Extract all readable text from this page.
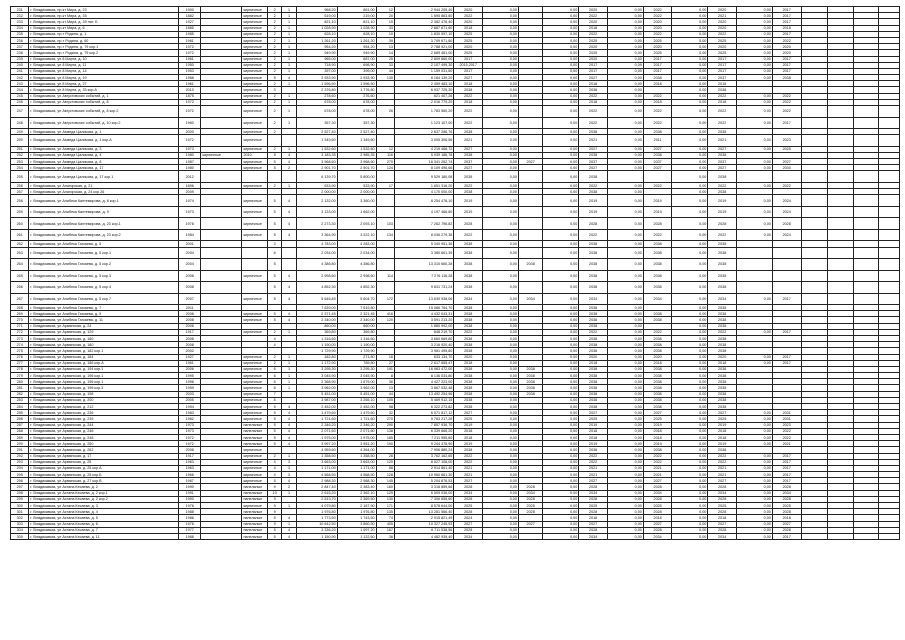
231	г. Владикавказ, пр-кт Мира, д. 23	1900		кирпичные	2	1	968,20	861,00	12	2 944 205,40	2020	0,00		0,00	2020	0,00	2022	0,00	2020	0,00	2017				
232	г. Владикавказ, пр-кт Мира, д. 35	1882		кирпичные	2	1	519,00	219,00	20	1 695 863,60	2022	0,00		0,00	2022	0,00	2022	0,00	2021	0,00	2017				
233	г. Владикавказ, пр-кт Мира, д. 39 лит. Б	1927		кирпичные	2	1	821,10	821,10	15	2 382 476,40	2020	0,00		0,00	2020	0,00	2020	0,00	2020	0,00	2017				
234	г. Владикавказ, пр-кт Мира, д. 6	1885		кирпичные	2	1	1 028,90	1 028,90	33	2 887 671,60	2018	0,00		0,00	2018	0,00	2020	0,00	2020	0,00	2018				
235	г. Владикавказ, пр-т Родина, д. 1	1985		кирпичные	2	1	628,10	628,10	10	1 830 597,10	2025	0,00		0,00	2022	0,00	2022	0,00	2022	0,00	2017				
236	г. Владикавказ, пр-т Родина, д. 60	1961		кирпичные	2	1	1 261,20	1 261,20	39	3 709 671,80	2025	0,00		0,00	2025	0,00	2025	0,00	2025	0,00	2022				
237	г. Владикавказ, пр-т Родина, д. 79 кор.1	1972		кирпичные	2	1	954,20	954,20	13	2 788 921,00	2020	0,00		0,00	2020	0,00	2020	0,00	2020	0,00	2020				
238	г. Владикавказ, пр-т Родина, д. 79 кор.2	1972		кирпичные	2	1	949,90	949,90	14	2 689 481,00	2025	0,00		0,00	2025	0,00	2025	0,00	2025	0,00	2020				
239	г. Владикавказ, ул 8 Марта, д. 10	1961		кирпичные	2	1	965,00	687,00	25	2 809 660,00	2017	0,00		0,00	2020	0,00	2017	0,00	2017	0,00	2017				
240	г. Владикавказ, ул 8 Марта, д. 11	1950		кирпичные	2	1	718,90	698,90	33	2 107 499,30	2015,2017	0,00		0,00	2017	0,09	2017	0,00	2017	0,00	2017				
241	г. Владикавказ, ул 8 Марта, д. 14	1953		кирпичные	2	1	397,00	399,00	44	1 159 031,60	2017	0,00		0,00	2017	0,00	2017	0,00	2017	0,00	2017				
242	г. Владикавказ, ул 8 Марта, д. 19	1988		кирпичные	5	4	2 933,90	2 933,90	130	6 184 139,20	2027	0,00		0,00	2027	0,00	2038	0,00	2037	0,00	2038				
243	г. Владикавказ, ул 8 Марта, д. 27	1961		кирпичные	2	1	1 596,50	1 596,50		2 459 483,10	2018	0,00		0,00	2018	0,00	2018	0,00	2018						
244	г. Владикавказ, ул 8 Марта, д. 33 кор.А	2010		кирпичные	3		2 376,80	1 776,80		6 937 725,30	2038	0,00		0,00	2038	0,00		0,00	2038						
245	г. Владикавказ, ул Августовских событий, д. 1	1875		кирпичные	2	1	278,60	276,60		621 407,26	2022	0,00		0,00	2022	0,00	2022	0,00	2022	0,00	2022				
246	г. Владикавказ, ул Августовских событий, д. 8	1972		кирпичные	2	1	678,00	678,00		2 016 779,20	2018	0,00		0,00	2018	0,00	2018	0,00	2018	0,00	2022				
247	г. Владикавказ, ул Августовских событий, д. 8 кор.2	1972		кирпичные	2	1	678,00	678,00	26	1 783 560,20	2022	0,00		0,00	2022	0,00	2022	0,00	2022	0,00	2022				
248	г. Владикавказ, ул Августовских событий, д. 10 кор.2	1960		кирпичные	2	1	357,30	357,30		1 123 107,00	2022	0,00		0,00	2022	0,00	2022	0,00	2022	0,00	2017				
249	г. Владикавказ, ул Ахмеда Цаликова, д. 1	2000		кирпичные	2		2 527,40	2 527,40		2 637 286,76	2038	0,00		0,00	2038	0,00	2038	0,00	2038						
250	г. Владикавказ, ул Ахмеда Цаликова, д. 1 кор.А	1972		кирпичные			1 349,60	1 349,60		3 905 306,56	2021	0,00		0,00	2021	0,00	2011	0,00	2021	0,00	2023				
251	г. Владикавказ, ул Ахмеда Цаликова, д. 3	1973		кирпичные	2	1	1 532,60	1 532,60	12	4 219 468,72	2027	0,00		0,00	2027	0,00	2027	0,00	2027	0,00	2025				
252	г. Владикавказ, ул Ахмеда Цаликова, д. 4	1980	кирпичные	2010	5	4	3 183,35	2 985,35	116	5 939 186,78	2038	0,00		0,00	2038	0,00	2038	0,00	2038						
253	г. Владикавказ, ул Ахмеда Цаликова, д. 8	1987		кирпичные	5	4	3 968,60	3 968,60	270	16 341 262,74	2037	0,00	2027	0,00	2037	0,00	2037	0,00	2037	0,00	2027				
254	г. Владикавказ, ул Ахмеда Цаликова, д. 17	1980		кирпичные	5	2	2 901,70	2 901,70	124	8 109 496,66	2027	0,00		0,00	2027	0,00	2027	0,00	2027	0,00	2030				
255	г. Владикавказ, ул Ахмеда Цаликова, д. 17 кор.1	2012					6 139,70	5 800,00		9 529 180,08	2038	0,00		0,00	2038			0,00	2038						
256	г. Владикавказ, ул Алагирская, д. 21	1896		кирпичные	2	1	533,90	533,90	17	1 651 316,20	2022	0,00		0,00	2022	0,00	2022	0,00	2022	0,00	2022				
257	г. Владикавказ, ул Алагирская, д. 24 кор.26	2009					2 000,00	2 000,00		4 170 000,00	2038	0,00		0,00	2038	0,00		0,00	2038						
258	г. Владикавказ, ул Алибека Кантемирова, д. 6 кор.1	1974		кирпичные	5	4	2 132,00	3 360,00		8 254 476,10	2019	0,00		0,00	2019	0,00	2019	0,00	2019	0,00	2024				
259	г. Владикавказ, ул Алибека Кантемирова, д. 9	1973		кирпичные	5	4	3 133,00	1 662,00		4 197 466,80	2019	0,00		0,00	2019	0,00	2019	0,00	2019	0,00	2024				
260	г. Владикавказ, ул Алибека Кантемирова, д. 23 кор.1	1978		кирпичные	5	4	2 273,30	2 093,10	103	7 262 796,82	2028	0,00		0,00	2028	0,00	2028	0,00	2028	0,00	2028				
261	г. Владикавказ, ул Алибека Кантемирова, д. 23 кор.2	1984		кирпичные	5	4	3 364,90	3 322,10	134	8 036 279,38	2022	0,00		0,00	2022	0,00	2022	0,00	2022	0,00	2024				
262	г. Владикавказ, ул Алибека Гагкаева, д. 5	2001			3		4 783,00	4 283,00		5 340 951,36	2038	0,00		0,00	2038	0,00	2038	0,00	2038						
263	г. Владикавказ, ул Алибека Гагкаева, д. 5 кор.1	2004			6		2 034,00	2 034,00		3 380 661,39	2038	0,00		0,00	2038	0,00	2038	0,00	2038						
264	г. Владикавказ, ул Алибека Гагкаева, д. 5 кор.2	2004			5		4 386,80	4 386,80		13 310 660,28	2038	0,00	2038	0,00	2038	0,00	2038	0,00	2038						
265	г. Владикавказ, ул Алибека Гагкаева, д. 5 кор.3	2008		кирпичные	5	4	2 998,60	2 998,60	114	7 276 116,28	2038	0,00		0,00	2038	0,00	2038	0,00	2038						
266	г. Владикавказ, ул Алибека Гагкаева, д. 5 кор.4	2008			5	4	4 852,30	4 852,30		9 831 731,24	2038	0,00		0,00	2038	0,00	2038	0,00	2038						
267	г. Владикавказ, ул Алибека Гагкаева, д. 5 кор.7	2007		кирпичные	5	4	5 646,89	5 604,70	172	13 630 938,06	2034	0,00	2034	0,00	2034	0,00	2034	0,00	2034	0,00	2017				
268	г. Владикавказ, ул Алибека Гагкаева, д. 7	2011					7 639,00	7 619,80		15 086 764,70	2038	0,00		0,00	2038	0,00		0,00	2038						
269	г. Владикавказ, ул Алибека Гагкаева, д. 9	2008		кирпичные	5	4	2 371,45	2 321,45	416	4 432 043,31	2038	0,00		0,00	2038	0,00	2038	0,00	2038						
270	г. Владикавказ, ул Алибека Гагкаева, д. 11	2008		кирпичные	5	4	2 340,00	2 340,00	120	3 591 213,20	2038	0,00		0,00	2038	0,00	2038	0,00	2038						
271	г. Владикавказ, ул Армянская, д. 24	2006					860,00	860,00		1 880 992,00	2038	0,00		0,00	2038	0,00		0,00	2038						
272	г. Владикавказ, ул Армянская, д. 129	1917		кирпичные	2	1	369,80	369,80		848 219,70	2022	0,00		0,00	2022	0,00	2022	0,00	2022	0,00	2017				
273	г. Владикавказ, ул Армянская, д. 180	2008			4		1 316,60	1 316,60		3 660 669,80	2038	0,00		0,00	2038	0,00	2038	0,00	2038						
274	г. Владикавказ, ул Армянская, д. 180	2008			4		1 190,00	1 190,00		3 216 920,40	2038	0,00		0,00	2038	0,00	2038	0,00	2038						
275	г. Владикавказ, ул Армянская, д. 182 кор.1	2002					1 729,90	1 729,90		3 981 495,80	2038	0,00		0,00	2038	0,00	2038	0,00	2038						
276	г. Владикавказ, ул Армянская, д. 184	1927		кирпичные	2	1	182,80	271,80	16	633 134,70	2020	0,00		0,00	2020	0,00	2020	0,00	2020	0,00	2017				
277	г. Владикавказ, ул Армянская, д. 186 кор.А	1961		кирпичные	2	1	1 172,90	789,80	27	2 617 655,47	2018	0,00		0,00	2018	0,00	2018	0,00	2018	0,00	2017				
278	г. Владикавказ, ул Армянская, д. 194 кор.1	2006		кирпичные	6	1	3 295,30	3 295,30	191	16 983 472,00	2038	0,00	2038	0,00	2038	0,00	2038	0,00	2038						
279	г. Владикавказ, ул Армянская, д. 196 кор.1	1995		кирпичные	6	1	3 045,90	3 045,90	8	8 136 034,80	2038	0,00	2038	0,00	2038	0,00	2038	0,00	2038						
280	г. Владикавказ, ул Армянская, д. 196 кор.1	1996		кирпичные	6	1	2 368,90	1 679,00	36	4 427 223,00	2038	0,00	2038	0,00	2038	0,00	2038	0,00	2038						
281	г. Владикавказ, ул Армянская, д. 196 кор.3	1999		кирпичные	6	1	3 962,00	3 962,00	13	3 667 032,48	2038	0,00	2038	0,00	2038	0,00	2038	0,00	2038						
282	г. Владикавказ, ул Армянская, д. 198	2003		кирпичные	7		5 451,00	5 451,00	44	13 492 254,96	2038	0,00	2038	0,00	2038	0,00	2038	0,00	2038						
283	г. Владикавказ, ул Армянская, д. 200	2005		кирпичные	5		3 987,00	3 265,10	105	5 469 912,15	2038	0,00		0,00	2038	0,00	2038	0,00	2038						
284	г. Владикавказ, ул Армянская, д. 212	1994		кирпичные	5	4	2 452,00	2 452,00	98	6 322 273,82	2038	0,00		0,00	2038	0,00	2038	0,00	2038						
285	г. Владикавказ, ул Армянская, д. 236	1983		кирпичные	5	4	1 479,60	1 479,60	32	6 071 817,12	2027	0,00		0,00	2027	0,00	2027	0,00	2027	0,00	2031				
286	г. Владикавказ, ул Армянская, д. 239	1982		кирпичные	5	4	1 721,60	1 721,60	270	5 763 217,28	2025	0,00		0,00	2025	0,00	2025	0,00	2025	0,00	2031				
287	г. Владикавказ, ул Армянская, д. 244	1973		панельные	5	4	2 346,20	2 346,20	290	7 857 936,70	2019	0,00		0,00	2019	0,00	2019	0,00	2019	0,00	2023				
288	г. Владикавказ, ул Армянская, д. 246	1973		панельные	5	4	2 071,60	2 071,60	138	6 339 666,20	2018	0,00		0,00	2018	0,00	2018	0,00	2018	0,00	2022				
289	г. Владикавказ, ул Армянская, д. 248	1972		панельные	5	4	1 975,00	1 975,00	185	7 211 955,80	2018	0,00		0,00	2018	0,00	2018	0,00	2018	0,00	2022				
290	г. Владикавказ, ул Армянская, д. 250	1972		панельные	5	4	3 997,20	3 951,20	190	9 244 378,90	2019	0,00		0,00	2019	0,00	2019	0,00	2019	0,00	2021				
291	г. Владикавказ, ул Армянская, д. 262	2008		кирпичные			4 959,60	4 364,00		7 906 880,24	2038	0,00		0,00	2038	0,00	2038	0,00	2038						
292	г. Владикавказ, ул Армянская, д. 17	1917		кирпичные	2	1	1 358,50	1 358,50	28	3 762 162,65	2022	0,00		0,00	2022	0,00	2022	0,00	2022	0,00	2017				
293	г. Владикавказ, ул Армянская, д. 25	1963		кирпичные	4	3	3 663,00	3 663,00	120	8 527 108,00	2022	0,00		0,00	2022	0,00	2022	0,00	2022	0,00	2017				
294	г. Владикавказ, ул Армянская, д. 25 кор.А	1963		кирпичные	4	3	1 171,00	1 171,00	58	2 914 861,40	2021	0,00		0,00	2021	0,00	2021	0,00	2021	0,00	2017				
295	г. Владикавказ, ул Армянская, д. 25 кор.Б	1966		кирпичные	4	3	4 568,50	4 568,50	128	10 960 661,30	2021	0,00		0,00	2021	0,00	2021	0,00	2021	0,00	2017				
296	г. Владикавказ, ул Армянская, д. 27 кор.В	1967		кирпичные	5	4	2 988,30	2 988,30	145	5 204 876,53	2027	0,00		0,00	2027	0,00	2027	0,00	2027	0,00	2017				
297	г. Владикавказ, ул Астана Кесаева, д. 2	1990		панельные	9	2	2 847,40	2 383,40	160	3 318 859,66	2028	0,00	2028	0,00	2028	0,00	2028	0,00	2028	0,00	2028				
298	г. Владикавказ, ул Астана Кесаева, д. 2 кор.1	1991		панельные	10	1	2 615,20	2 362,10	129	6 509 036,00	2034	0,00	2034	0,00	2034	0,00	2034	0,00	2034	0,00	2034				
299	г. Владикавказ, ул Астана Кесаева, д. 2 кор.2	1990		панельные	9		2 513,70	2 369,50	130	7 306 655,60	2028	0,00	2028	0,00	2028	0,00	2028	0,00	2028	0,00	2028				
300	г. Владикавказ, ул Астана Кесаева, д. 3	1976		кирпичные	9	1	4 079,80	2 167,90	171	8 578 644,00	2025	0,00	2025	0,00	2025	0,00	2025	0,00	2025	0,00	2025				
301	г. Владикавказ, ул Астана Кесаева, д. 4	1988		панельные	9		1 976,80	1 976,80	135	13 281 566,40	2028	0,00	2028	0,00	2028	0,00	2028	0,00	2028	0,00	2028				
302	г. Владикавказ, ул Астана Кесаева, д. 5	1986		панельные	5	4	1 773,50	1 743,50	74	2 915 821,49	2024	0,00		0,00	2018	0,00	2018	0,00	2018	0,00	2018				
303	г. Владикавказ, ул Астана Кесаева, д. 6	1976		панельные	9	1	10 642,50	3 860,50	405	10 327 245,93	2027	0,00	2027	0,00	2027	0,00	2027	0,00	2027	0,00	2027				
304	г. Владикавказ, ул Астана Кесаева, д. 7	1977		панельные	5	4	3 336,20	1 997,20	167	6 711 538,56	2028	0,00		0,00	2028	0,00	2028	0,00	2028	0,00	2028				
305	г. Владикавказ, ул Астана Кесаева, д. 11	1988		панельные	5	4	1 150,90	1 122,60	36	4 482 939,40	2034	0,00		0,00	2034	0,00	2034	0,00	2034	0,00	2017				
